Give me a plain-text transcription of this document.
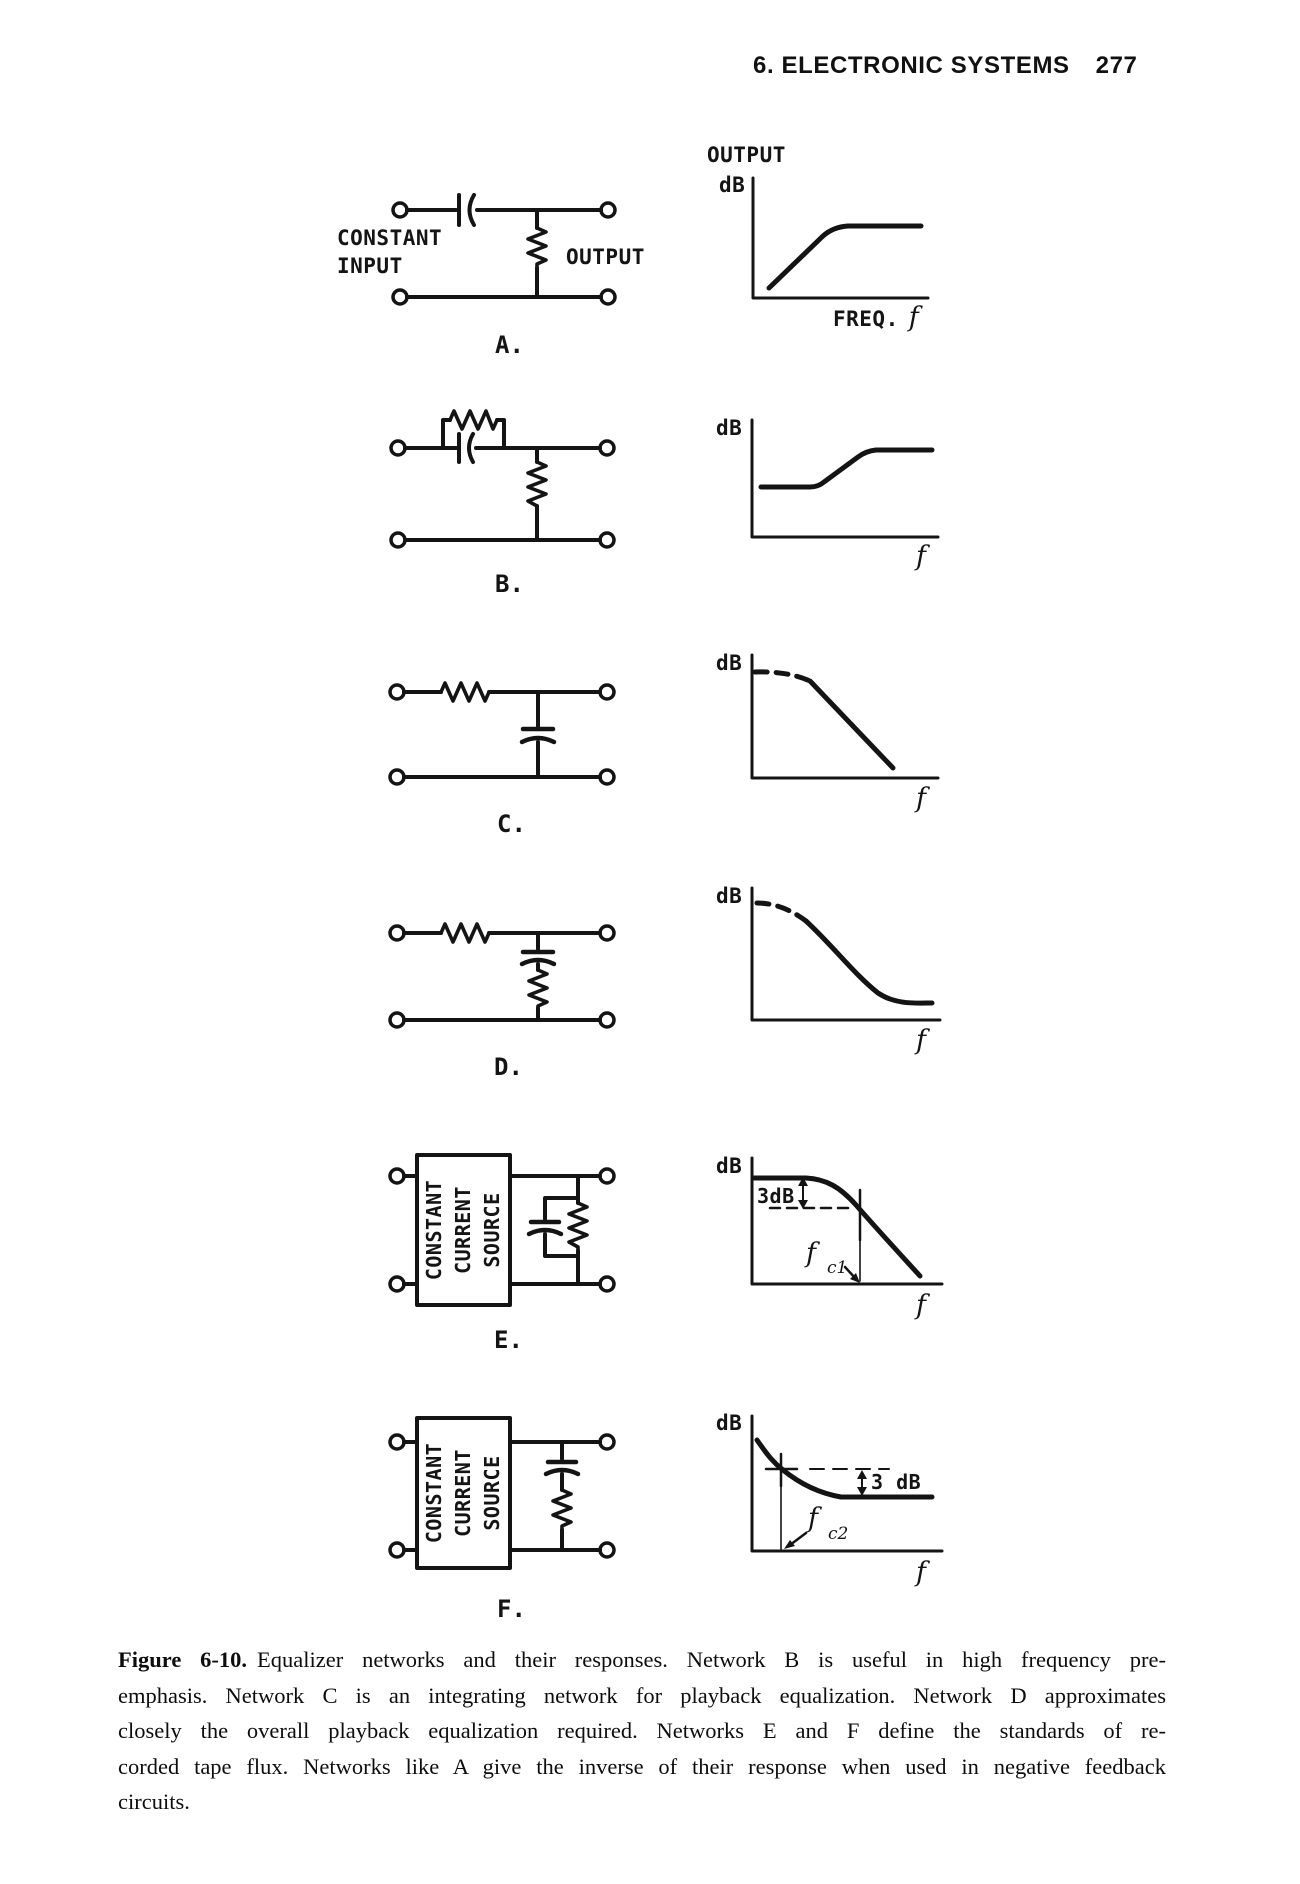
6. ELECTRONIC SYSTEMS 277
CONSTANT
INPUT	OUTPUT
A.
OUTPUT
dB
FREQ. f
B.
dB
f
C.
dB
f
D.
dB
f
CONSTANT CURRENT SOURCE
E.
dB
3dB
f c1
f
CONSTANT CURRENT SOURCE
F.
dB
3 dB
f c2
f
Figure 6-10. Equalizer networks and their responses. Network B is useful in high frequency pre-
emphasis. Network C is an integrating network for playback equalization. Network D approximates
closely the overall playback equalization required. Networks E and F define the standards of re-
corded tape flux. Networks like A give the inverse of their response when used in negative feedback
circuits.
